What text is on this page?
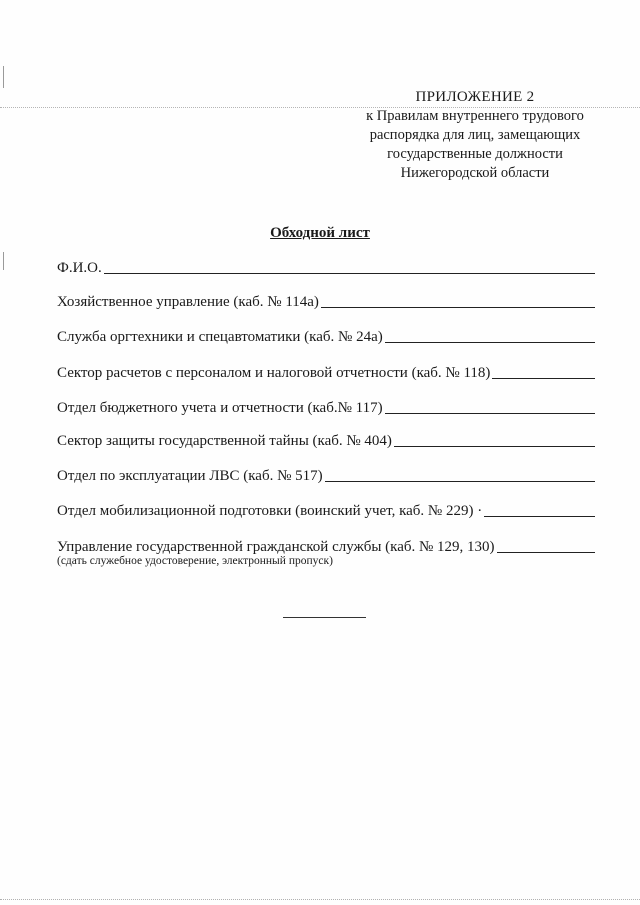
ПРИЛОЖЕНИЕ 2
к Правилам внутреннего трудового
распорядка для лиц, замещающих
государственные должности
Нижегородской области
Обходной лист
Ф.И.О.
Хозяйственное управление (каб. № 114а)
Служба оргтехники и спецавтоматики (каб. № 24а)
Сектор расчетов с персоналом и налоговой отчетности (каб. № 118)
Отдел бюджетного учета и отчетности (каб.№ 117)
Сектор защиты государственной тайны (каб. № 404)
Отдел по эксплуатации ЛВС (каб. № 517)
Отдел мобилизационной подготовки (воинский учет, каб. № 229) ·
Управление государственной гражданской службы (каб. № 129, 130)
(сдать служебное удостоверение, электронный пропуск)
